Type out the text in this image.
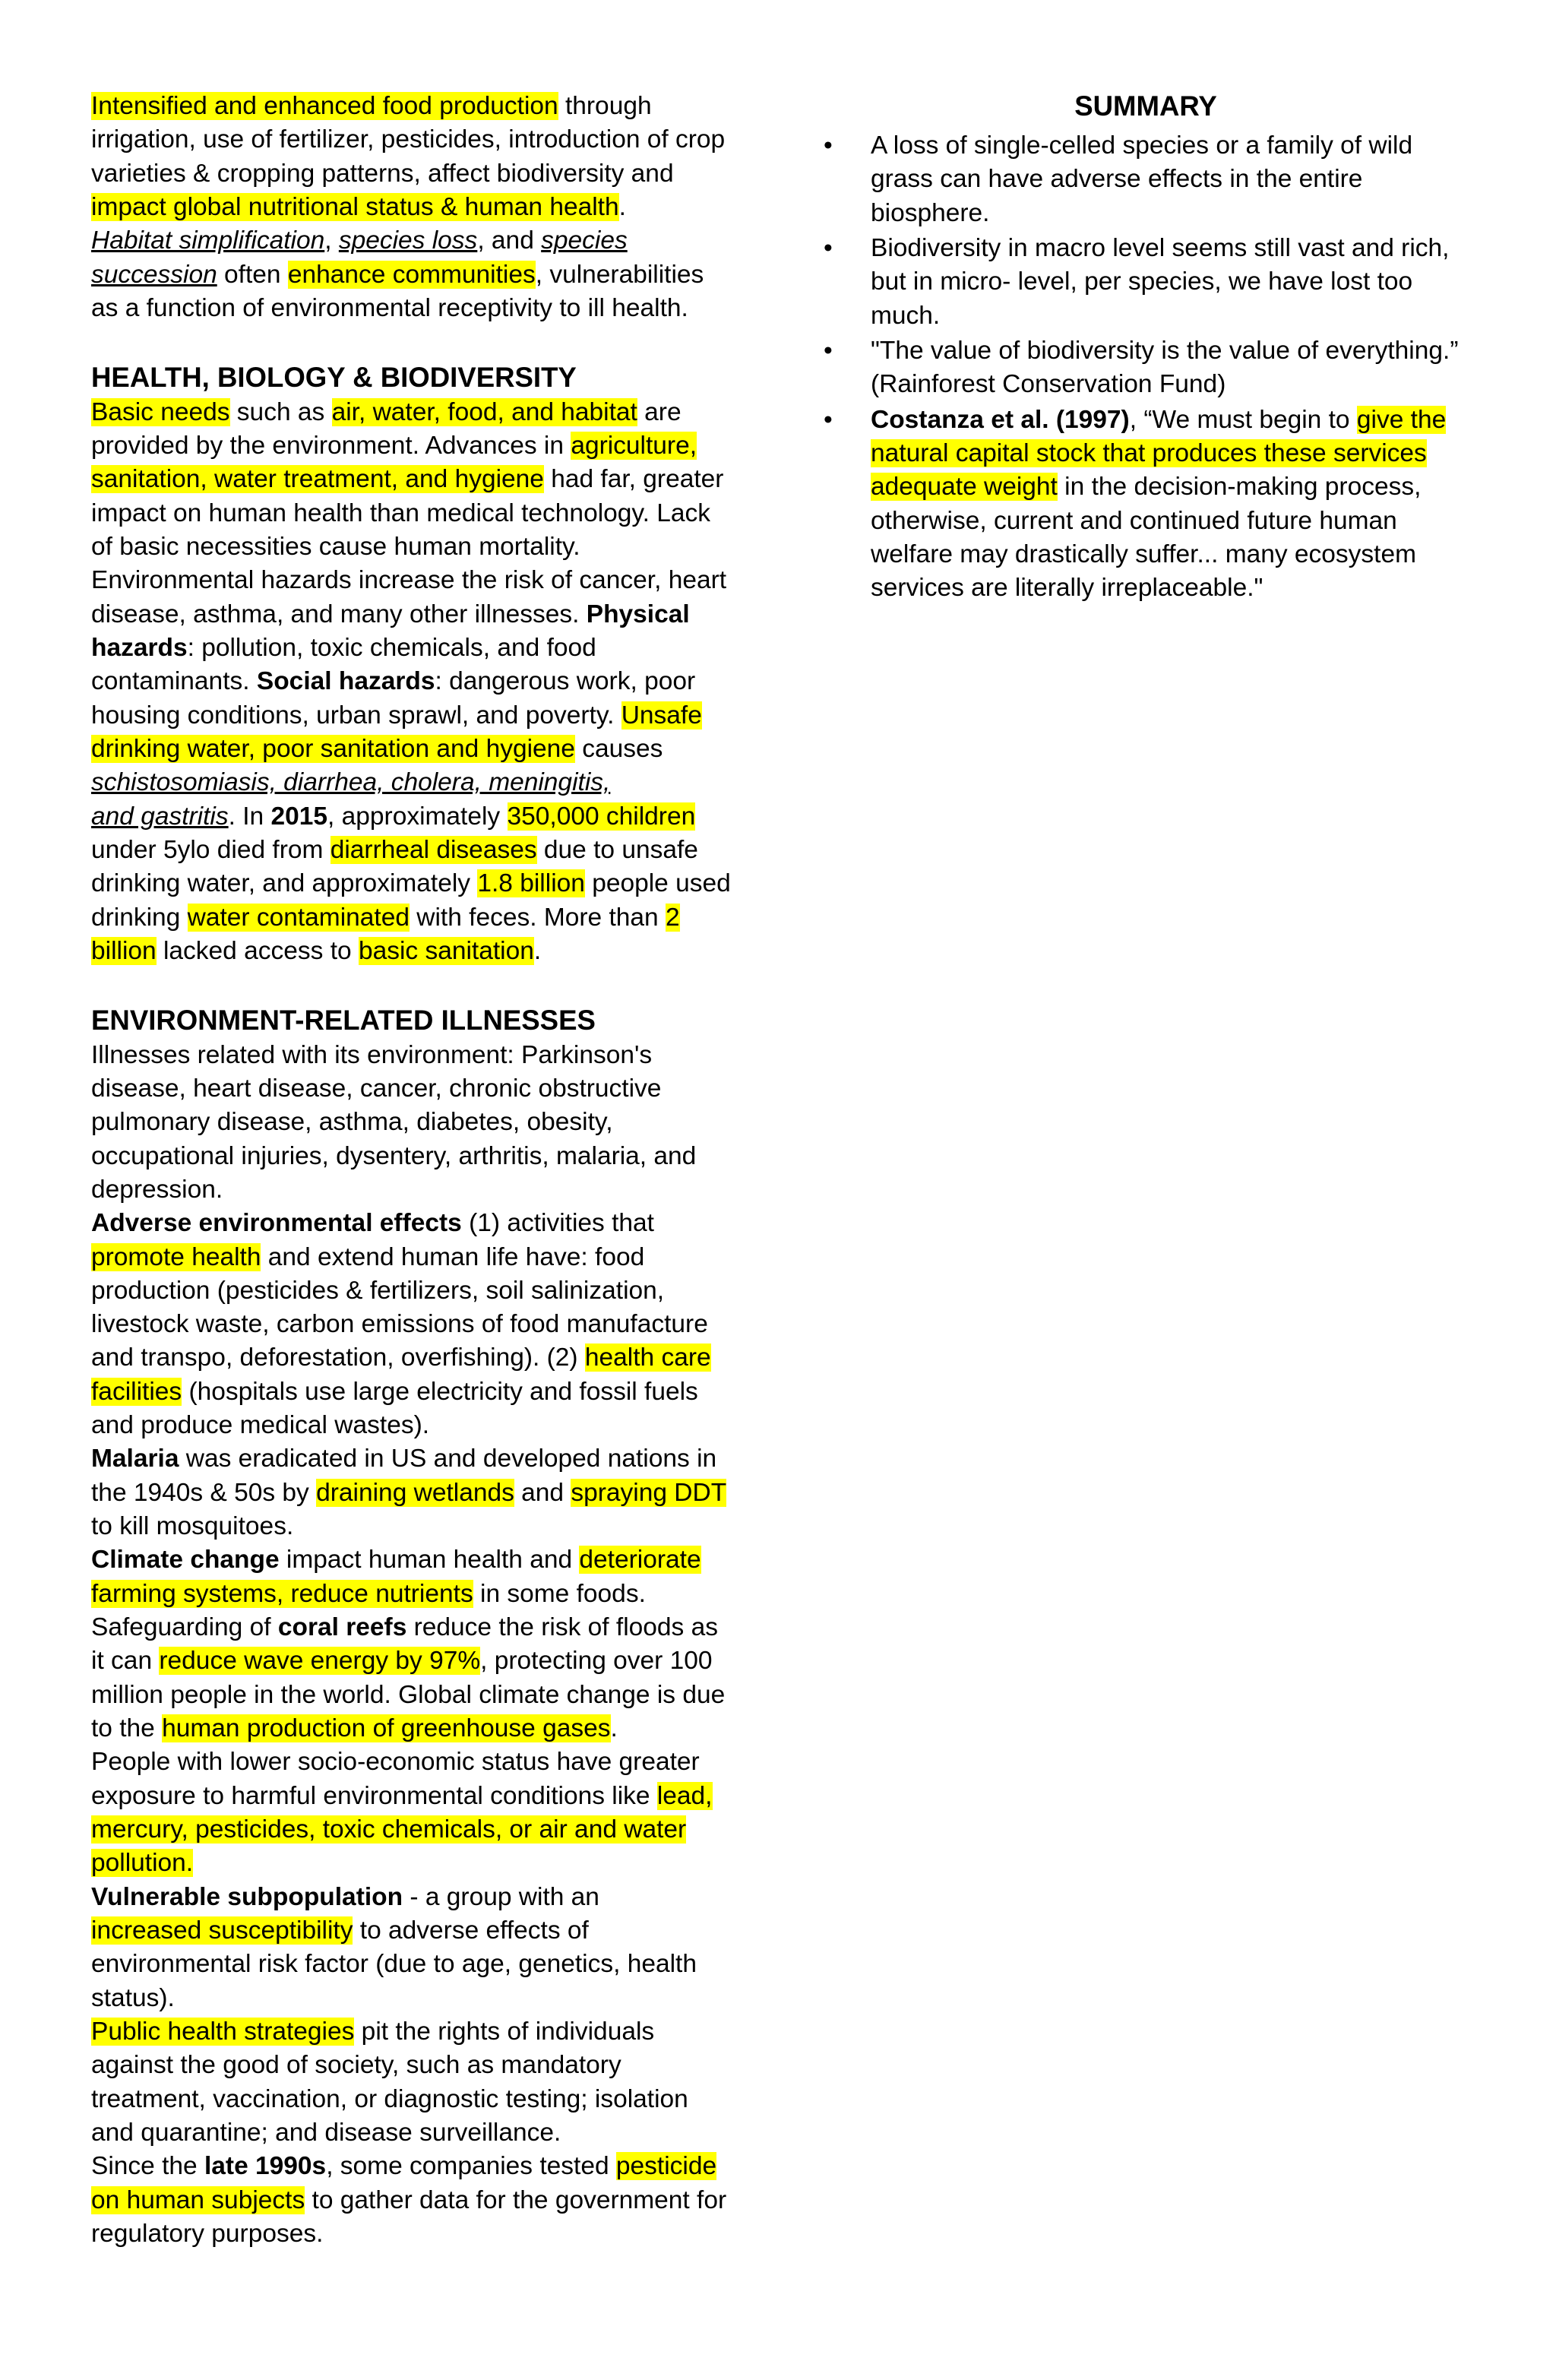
Intensified and enhanced food production through
irrigation, use of fertilizer, pesticides, introduction of crop
varieties & cropping patterns, affect biodiversity and
impact global nutritional status & human health.
Habitat simplification, species loss, and species
succession often enhance communities, vulnerabilities
as a function of environmental receptivity to ill health.
HEALTH, BIOLOGY & BIODIVERSITY
Basic needs such as air, water, food, and habitat are
provided by the environment. Advances in agriculture,
sanitation, water treatment, and hygiene had far, greater
impact on human health than medical technology. Lack
of basic necessities cause human mortality.
Environmental hazards increase the risk of cancer, heart
disease, asthma, and many other illnesses. Physical
hazards: pollution, toxic chemicals, and food
contaminants. Social hazards: dangerous work, poor
housing conditions, urban sprawl, and poverty. Unsafe
drinking water, poor sanitation and hygiene causes
schistosomiasis, diarrhea, cholera, meningitis,
and gastritis. In 2015, approximately 350,000 children
under 5ylo died from diarrheal diseases due to unsafe
drinking water, and approximately 1.8 billion people used
drinking water contaminated with feces. More than 2
billion lacked access to basic sanitation.
ENVIRONMENT-RELATED ILLNESSES
Illnesses related with its environment: Parkinson's
disease, heart disease, cancer, chronic obstructive
pulmonary disease, asthma, diabetes, obesity,
occupational injuries, dysentery, arthritis, malaria, and
depression.
Adverse environmental effects (1) activities that
promote health and extend human life have: food
production (pesticides & fertilizers, soil salinization,
livestock waste, carbon emissions of food manufacture
and transpo, deforestation, overfishing). (2) health care
facilities (hospitals use large electricity and fossil fuels
and produce medical wastes).
Malaria was eradicated in US and developed nations in
the 1940s & 50s by draining wetlands and spraying DDT
to kill mosquitoes.
Climate change impact human health and deteriorate
farming systems, reduce nutrients in some foods.
Safeguarding of coral reefs reduce the risk of floods as
it can reduce wave energy by 97%, protecting over 100
million people in the world. Global climate change is due
to the human production of greenhouse gases.
People with lower socio-economic status have greater
exposure to harmful environmental conditions like lead,
mercury, pesticides, toxic chemicals, or air and water
pollution.
Vulnerable subpopulation - a group with an
increased susceptibility to adverse effects of
environmental risk factor (due to age, genetics, health
status).
Public health strategies pit the rights of individuals
against the good of society, such as mandatory
treatment, vaccination, or diagnostic testing; isolation
and quarantine; and disease surveillance.
Since the late 1990s, some companies tested pesticide
on human subjects to gather data for the government for
regulatory purposes.
SUMMARY
• A loss of single-celled species or a family of wild
grass can have adverse effects in the entire
biosphere.
• Biodiversity in macro level seems still vast and rich,
but in micro- level, per species, we have lost too
much.
• "The value of biodiversity is the value of everything.”
(Rainforest Conservation Fund)
• Costanza et al. (1997), “We must begin to give the
natural capital stock that produces these services
adequate weight in the decision-making process,
otherwise, current and continued future human
welfare may drastically suffer... many ecosystem
services are literally irreplaceable."
